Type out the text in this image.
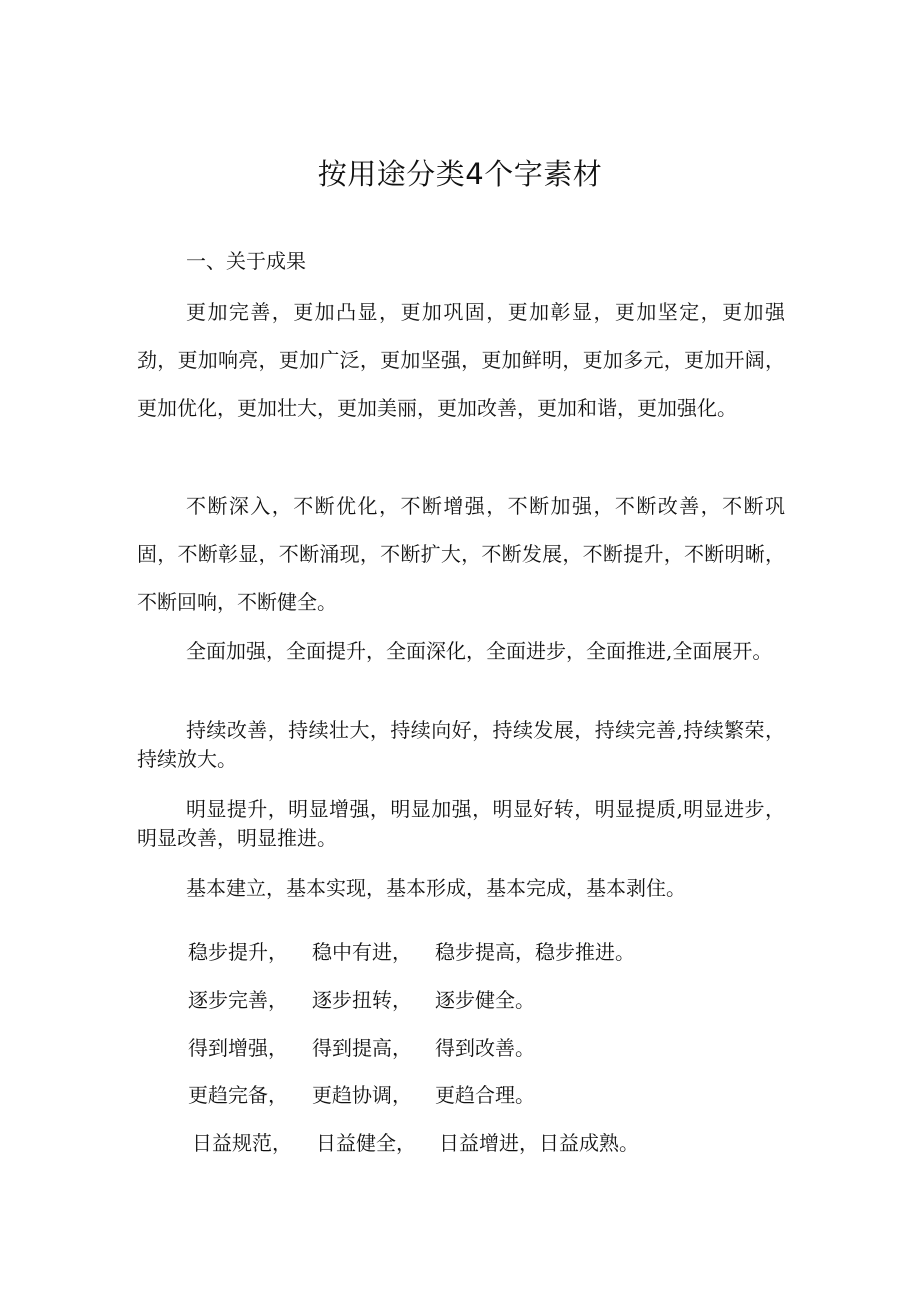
按用途分类4个字素材
一、关于成果

更加完善，更加凸显，更加巩固，更加彰显，更加坚定，更加强劲，更加响亮，更加广泛，更加坚强，更加鲜明，更加多元，更加开阔，更加优化，更加壮大，更加美丽，更加改善，更加和谐，更加强化。

不断深入，不断优化，不断增强，不断加强，不断改善，不断巩固，不断彰显，不断涌现，不断扩大，不断发展，不断提升，不断明晰，不断回响，不断健全。

全面加强，全面提升，全面深化，全面进步，全面推进,全面展开。

持续改善，持续壮大，持续向好，持续发展，持续完善,持续繁荣，持续放大。

明显提升，明显增强，明显加强，明显好转，明显提质,明显进步，明显改善，明显推进。

基本建立，基本实现，基本形成，基本完成，基本剥住。

稳步提升， 稳中有进， 稳步提高，稳步推进。
逐步完善， 逐步扭转， 逐步健全。
得到增强， 得到提高， 得到改善。
更趋完备， 更趋协调， 更趋合理。
日益规范， 日益健全， 日益增进，日益成熟。
